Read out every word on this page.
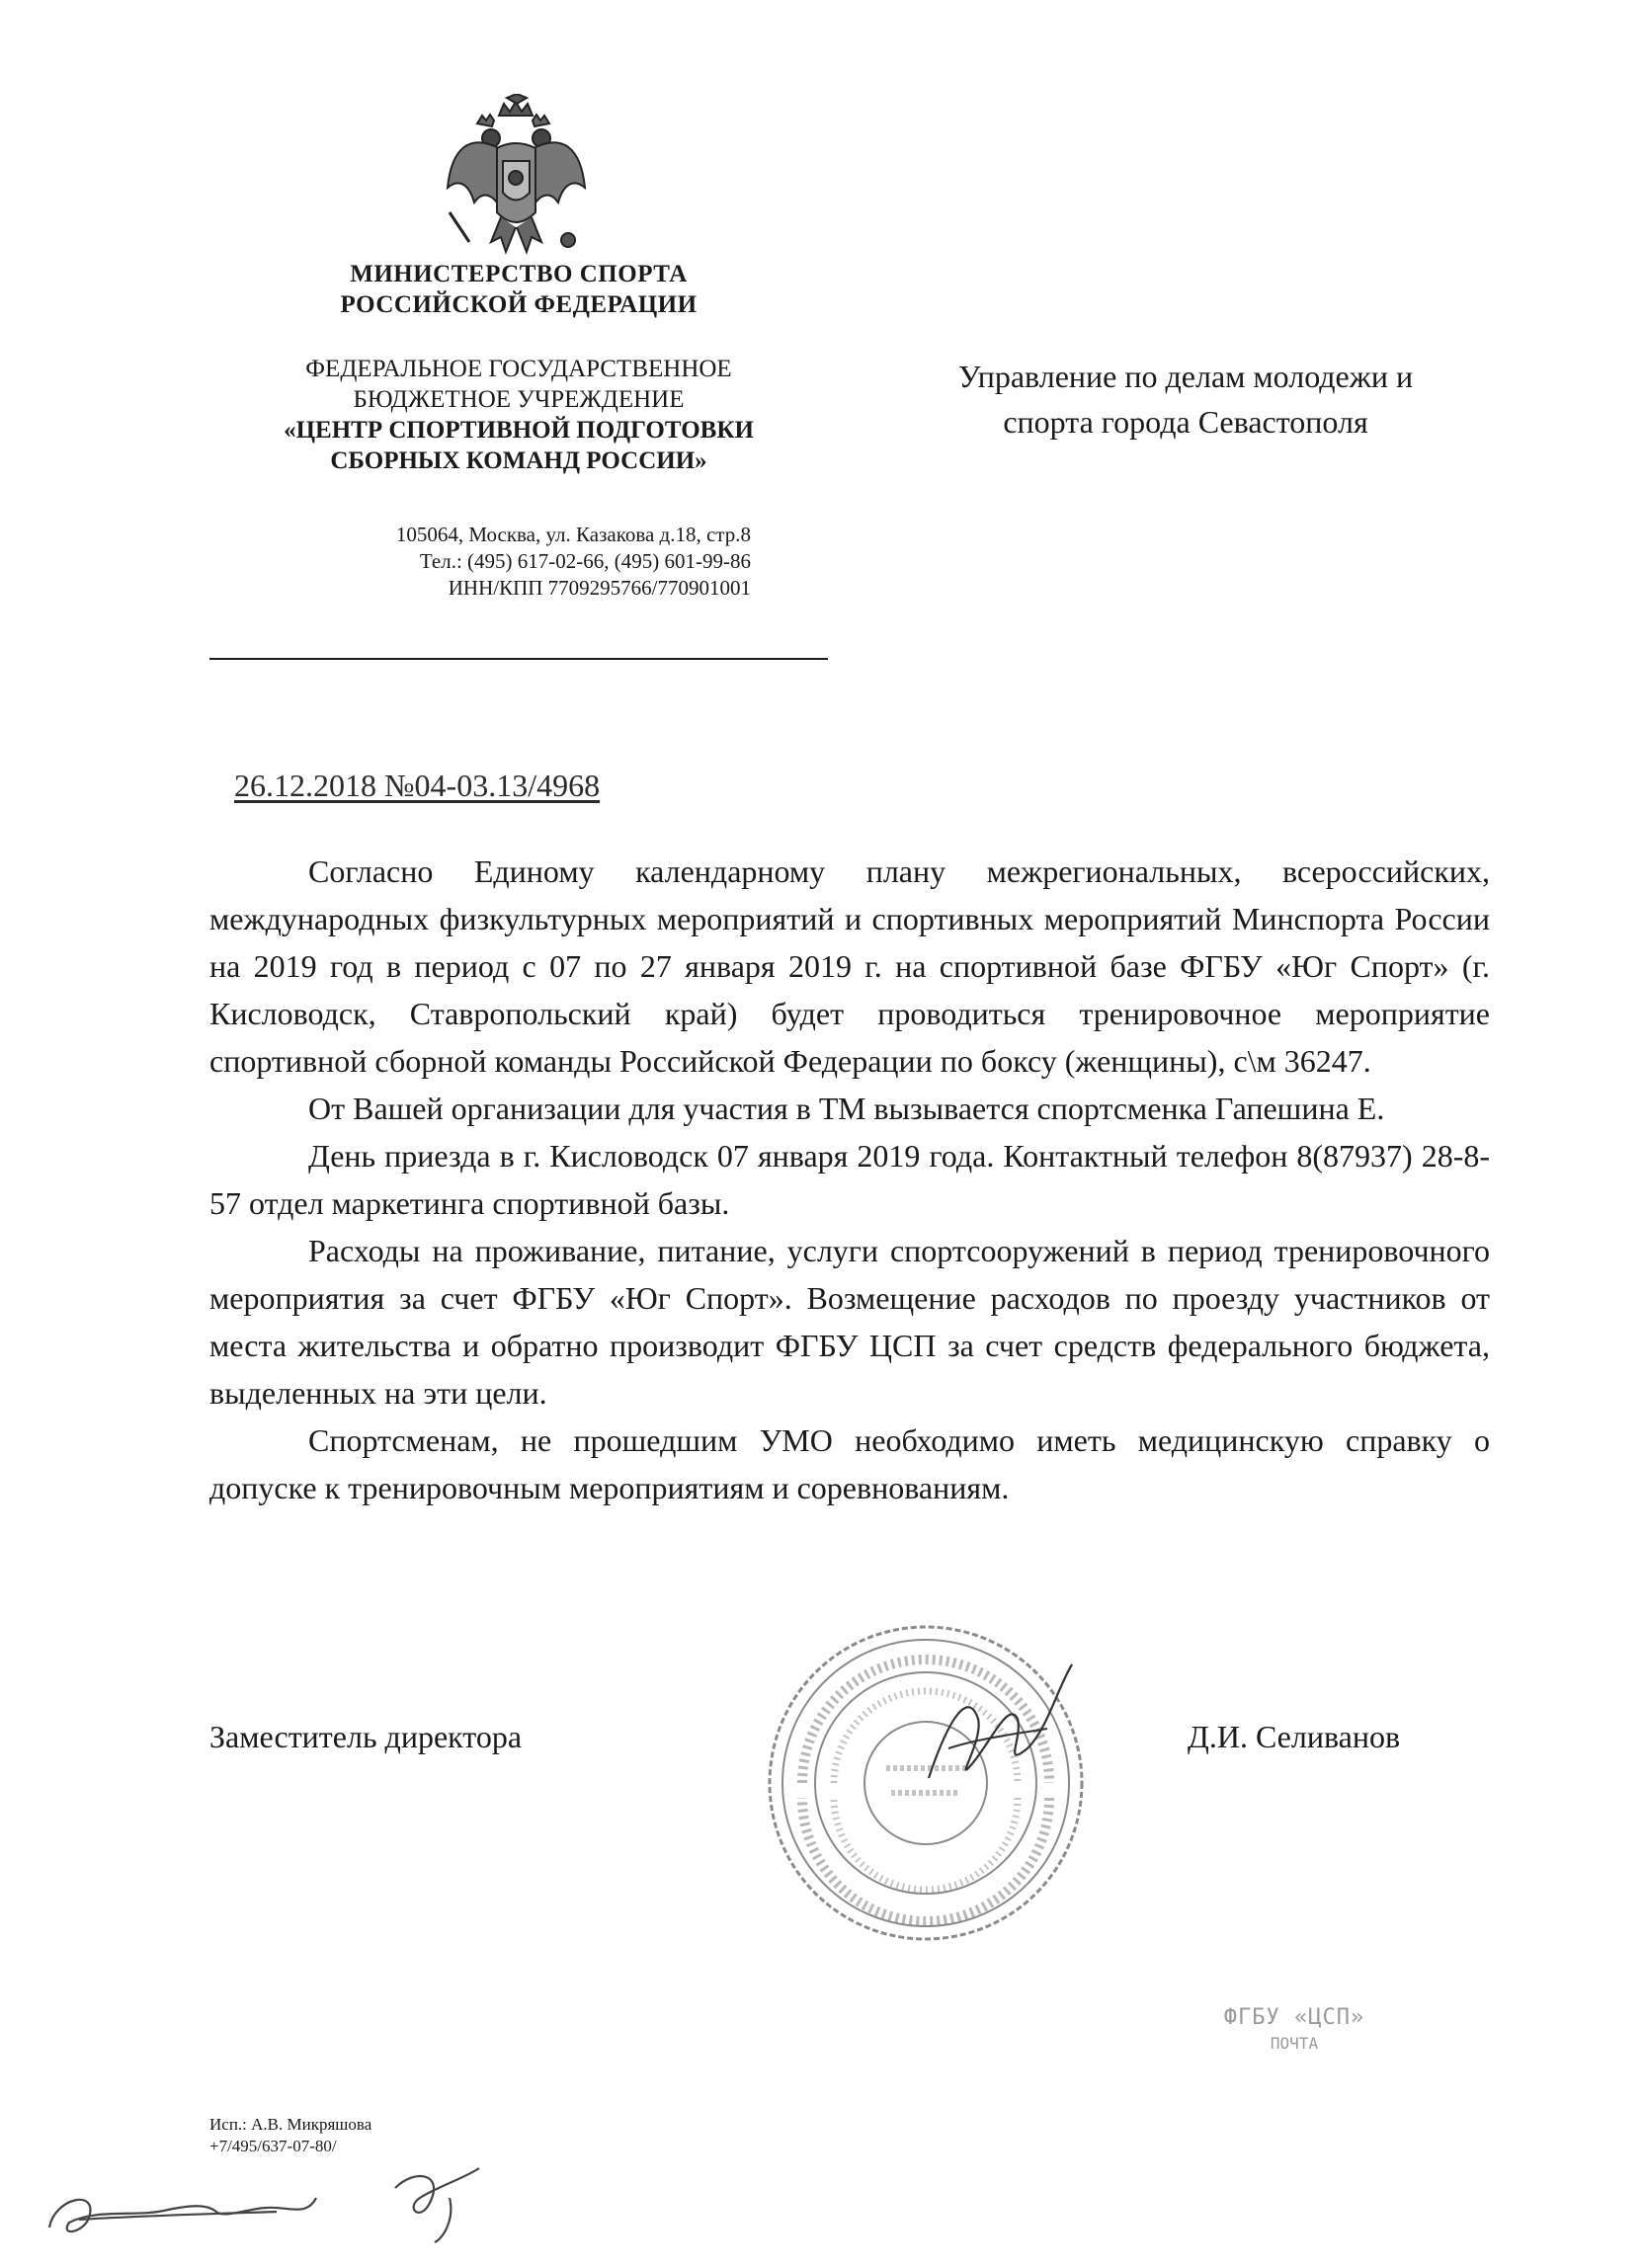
МИНИСТЕРСТВО СПОРТА
РОССИЙСКОЙ ФЕДЕРАЦИИ
ФЕДЕРАЛЬНОЕ ГОСУДАРСТВЕННОЕ
БЮДЖЕТНОЕ УЧРЕЖДЕНИЕ
«ЦЕНТР СПОРТИВНОЙ ПОДГОТОВКИ
СБОРНЫХ КОМАНД РОССИИ»
105064, Москва, ул. Казакова д.18, стр.8
Тел.: (495) 617-02-66, (495) 601-99-86
ИНН/КПП 7709295766/770901001
Управление по делам молодежи и
спорта города Севастополя
26.12.2018 №04-03.13/4968

Согласно Единому календарному плану межрегиональных, всероссийских, международных физкультурных мероприятий и спортивных мероприятий Минспорта России на 2019 год в период с 07 по 27 января 2019 г. на спортивной базе ФГБУ «Юг Спорт» (г. Кисловодск, Ставропольский край) будет проводиться тренировочное мероприятие спортивной сборной команды Российской Федерации по боксу (женщины), с\м 36247.

От Вашей организации для участия в ТМ вызывается спортсменка Гапешина Е.

День приезда в г. Кисловодск 07 января 2019 года. Контактный телефон 8(87937) 28-8-57 отдел маркетинга спортивной базы.

Расходы на проживание, питание, услуги спортсооружений в период тренировочного мероприятия за счет ФГБУ «Юг Спорт». Возмещение расходов по проезду участников от места жительства и обратно производит ФГБУ ЦСП за счет средств федерального бюджета, выделенных на эти цели.

Спортсменам, не прошедшим УМО необходимо иметь медицинскую справку о допуске к тренировочным мероприятиям и соревнованиям.

Заместитель директора	Д.И. Селиванов
ФГБУ «ЦСП»
ПОЧТА
Исп.: А.В. Микряшова
+7/495/637-07-80/
